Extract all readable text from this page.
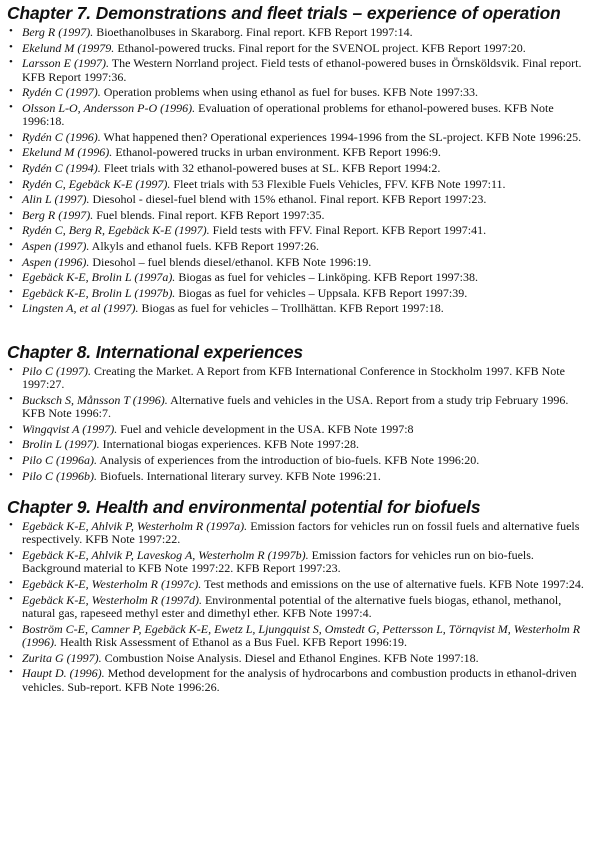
Chapter 7. Demonstrations and fleet trials – experience of operation
• Berg R (1997). Bioethanolbuses in Skaraborg. Final report. KFB Report 1997:14.
• Ekelund M (19979. Ethanol-powered trucks. Final report for the SVENOL project. KFB Report 1997:20.
• Larsson E (1997). The Western Norrland project. Field tests of ethanol-powered buses in Örnsköldsvik. Final report. KFB Report 1997:36.
• Rydén C (1997). Operation problems when using ethanol as fuel for buses. KFB Note 1997:33.
• Olsson L-O, Andersson P-O (1996). Evaluation of operational problems for ethanol-powered buses. KFB Note 1996:18.
• Rydén C (1996). What happened then? Operational experiences 1994-1996 from the SL-project. KFB Note 1996:25.
• Ekelund M (1996). Ethanol-powered trucks in urban environment. KFB Report 1996:9.
• Rydén C (1994). Fleet trials with 32 ethanol-powered buses at SL. KFB Report 1994:2.
• Rydén C, Egebäck K-E (1997). Fleet trials with 53 Flexible Fuels Vehicles, FFV. KFB Note 1997:11.
• Alin L (1997). Diesohol - diesel-fuel blend with 15% ethanol. Final report. KFB Report 1997:23.
• Berg R (1997). Fuel blends. Final report. KFB Report 1997:35.
• Rydén C, Berg R, Egebäck K-E (1997). Field tests with FFV. Final Report. KFB Report 1997:41.
• Aspen (1997). Alkyls and ethanol fuels. KFB Report 1997:26.
• Aspen (1996). Diesohol – fuel blends diesel/ethanol. KFB Note 1996:19.
• Egebäck K-E, Brolin L (1997a). Biogas as fuel for vehicles – Linköping. KFB Report 1997:38.
• Egebäck K-E, Brolin L (1997b). Biogas as fuel for vehicles – Uppsala. KFB Report 1997:39.
• Lingsten A, et al (1997). Biogas as fuel for vehicles – Trollhättan. KFB Report 1997:18.
Chapter 8. International experiences
• Pilo C (1997). Creating the Market. A Report from KFB International Conference in Stockholm 1997. KFB Note 1997:27.
• Bucksch S, Månsson T (1996). Alternative fuels and vehicles in the USA. Report from a study trip February 1996. KFB Note 1996:7.
• Wingqvist A (1997). Fuel and vehicle development in the USA. KFB Note 1997:8
• Brolin L (1997). International biogas experiences. KFB Note 1997:28.
• Pilo C (1996a). Analysis of experiences from the introduction of bio-fuels. KFB Note 1996:20.
• Pilo C (1996b). Biofuels. International literary survey. KFB Note 1996:21.
Chapter 9. Health and environmental potential for biofuels
• Egebäck K-E, Ahlvik P, Westerholm R (1997a). Emission factors for vehicles run on fossil fuels and alternative fuels respectively. KFB Note 1997:22.
• Egebäck K-E, Ahlvik P, Laveskog A, Westerholm R (1997b). Emission factors for vehicles run on bio-fuels. Background material to KFB Note 1997:22. KFB Report 1997:23.
• Egebäck K-E, Westerholm R (1997c). Test methods and emissions on the use of alternative fuels. KFB Note 1997:24.
• Egebäck K-E, Westerholm R (1997d). Environmental potential of the alternative fuels biogas, ethanol, methanol, natural gas, rapeseed methyl ester and dimethyl ether. KFB Note 1997:4.
• Boström C-E, Camner P, Egebäck K-E, Ewetz L, Ljungquist S, Omstedt G, Pettersson L, Törnqvist M, Westerholm R (1996). Health Risk Assessment of Ethanol as a Bus Fuel. KFB Report 1996:19.
• Zurita G (1997). Combustion Noise Analysis. Diesel and Ethanol Engines. KFB Note 1997:18.
• Haupt D. (1996). Method development for the analysis of hydrocarbons and combustion products in ethanol-driven vehicles. Sub-report. KFB Note 1996:26.
